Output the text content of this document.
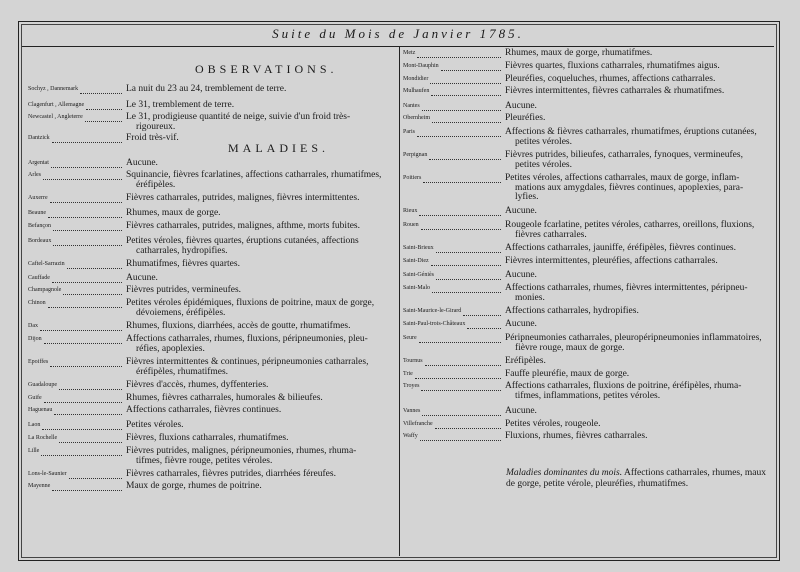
Suite du Mois de Janvier 1785.
OBSERVATIONS.
MALADIES.
Sochyz , Dannemark	La nuit du 23 au 24, tremblement de terre.
Clagenfurt , Allemagne	Le 31, tremblement de terre.
Newcastel , Angleterre	Le 31, prodigieuse quantité de neige, suivie d'un froid très-
rigoureux.
Dantzick	Froid très-vif.
Argentat	Aucune.
Arles	Squinancie, fièvres fcarlatines, affections catharrales, rhumatifmes,
éréfipèles.
Auxerre	Fièvres catharrales, putrides, malignes, fièvres intermittentes.
Beaune	Rhumes, maux de gorge.
Befançon	Fièvres catharrales, putrides, malignes, afthme, morts fubites.
Bordeaux	Petites véroles, fièvres quartes, éruptions cutanées, affections
catharrales, hydropifies.
Caftel-Sarrazin	Rhumatifmes, fièvres quartes.
Cauffade	Aucune.
Champagnole	Fièvres putrides, vermineufes.
Chinon	Petites véroles épidémiques, fluxions de poitrine, maux de gorge,
dévoiemens, éréfipèles.
Dax	Rhumes, fluxions, diarrhées, accès de goutte, rhumatifmes.
Dijon	Affections catharrales, rhumes, fluxions, péripneumonies, pleu-
réfies, apoplexies.
Epoiffes	Fièvres intermittentes & continues, péripneumonies catharrales,
éréfipèles, rhumatifmes.
Guadaloupe	Fièvres d'accès, rhumes, dyffenteries.
Guife	Rhumes, fièvres catharrales, humorales & bilieufes.
Haguenau	Affections catharrales, fièvres continues.
Laon	Petites véroles.
La Rochelle	Fièvres, fluxions catharrales, rhumatifmes.
Lille	Fièvres putrides, malignes, péripneumonies, rhumes, rhuma-
tifmes, fièvre rouge, petites véroles.
Lons-le-Saunier	Fièvres catharrales, fièvres putrides, diarrhées féreufes.
Mayenne	Maux de gorge, rhumes de poitrine.
Metz	Rhumes, maux de gorge, rhumatifmes.
Mont-Dauphin	Fièvres quartes, fluxions catharrales, rhumatifmes aigus.
Mondidier	Pleuréfies, coqueluches, rhumes, affections catharrales.
Mulhaufen	Fièvres intermittentes, fièvres catharrales & rhumatifmes.
Nantes	Aucune.
Obernheim	Pleuréfies.
Paris	Affections & fièvres catharrales, rhumatifmes, éruptions cutanées,
petites véroles.
Perpignan	Fièvres putrides, bilieufes, catharrales, fynoques, vermineufes,
petites véroles.
Poitiers	Petites véroles, affections catharrales, maux de gorge, inflam-
mations aux amygdales, fièvres continues, apoplexies, para-
lyfies.
Rieux	Aucune.
Rouen	Rougeole fcarlatine, petites véroles, catharres, oreillons, fluxions,
fièvres catharrales.
Saint-Brieux	Affections catharrales, jauniffe, éréfipèles, fièvres continues.
Saint-Diez	Fièvres intermittentes, pleuréfies, affections catharrales.
Saint-Géniès	Aucune.
Saint-Malo	Affections catharrales, rhumes, fièvres intermittentes, péripneu-
monies.
Saint-Maurice-le-Girard	Affections catharrales, hydropifies.
Saint-Paul-trois-Châteaux	Aucune.
Seure	Péripneumonies catharrales, pleuropéripneumonies inflammatoires,
fièvre rouge, maux de gorge.
Tournus	Eréfipèles.
Trie	Fauffe pleuréfie, maux de gorge.
Troyes	Affections catharrales, fluxions de poitrine, éréfipèles, rhuma-
tifmes, inflammations, petites véroles.
Vannes	Aucune.
Villefranche	Petites véroles, rougeole.
Waffy	Fluxions, rhumes, fièvres catharrales.
Maladies dominantes du mois. Affections catharrales, rhumes, maux de gorge, petite vérole, pleuréfies, rhumatifmes.
